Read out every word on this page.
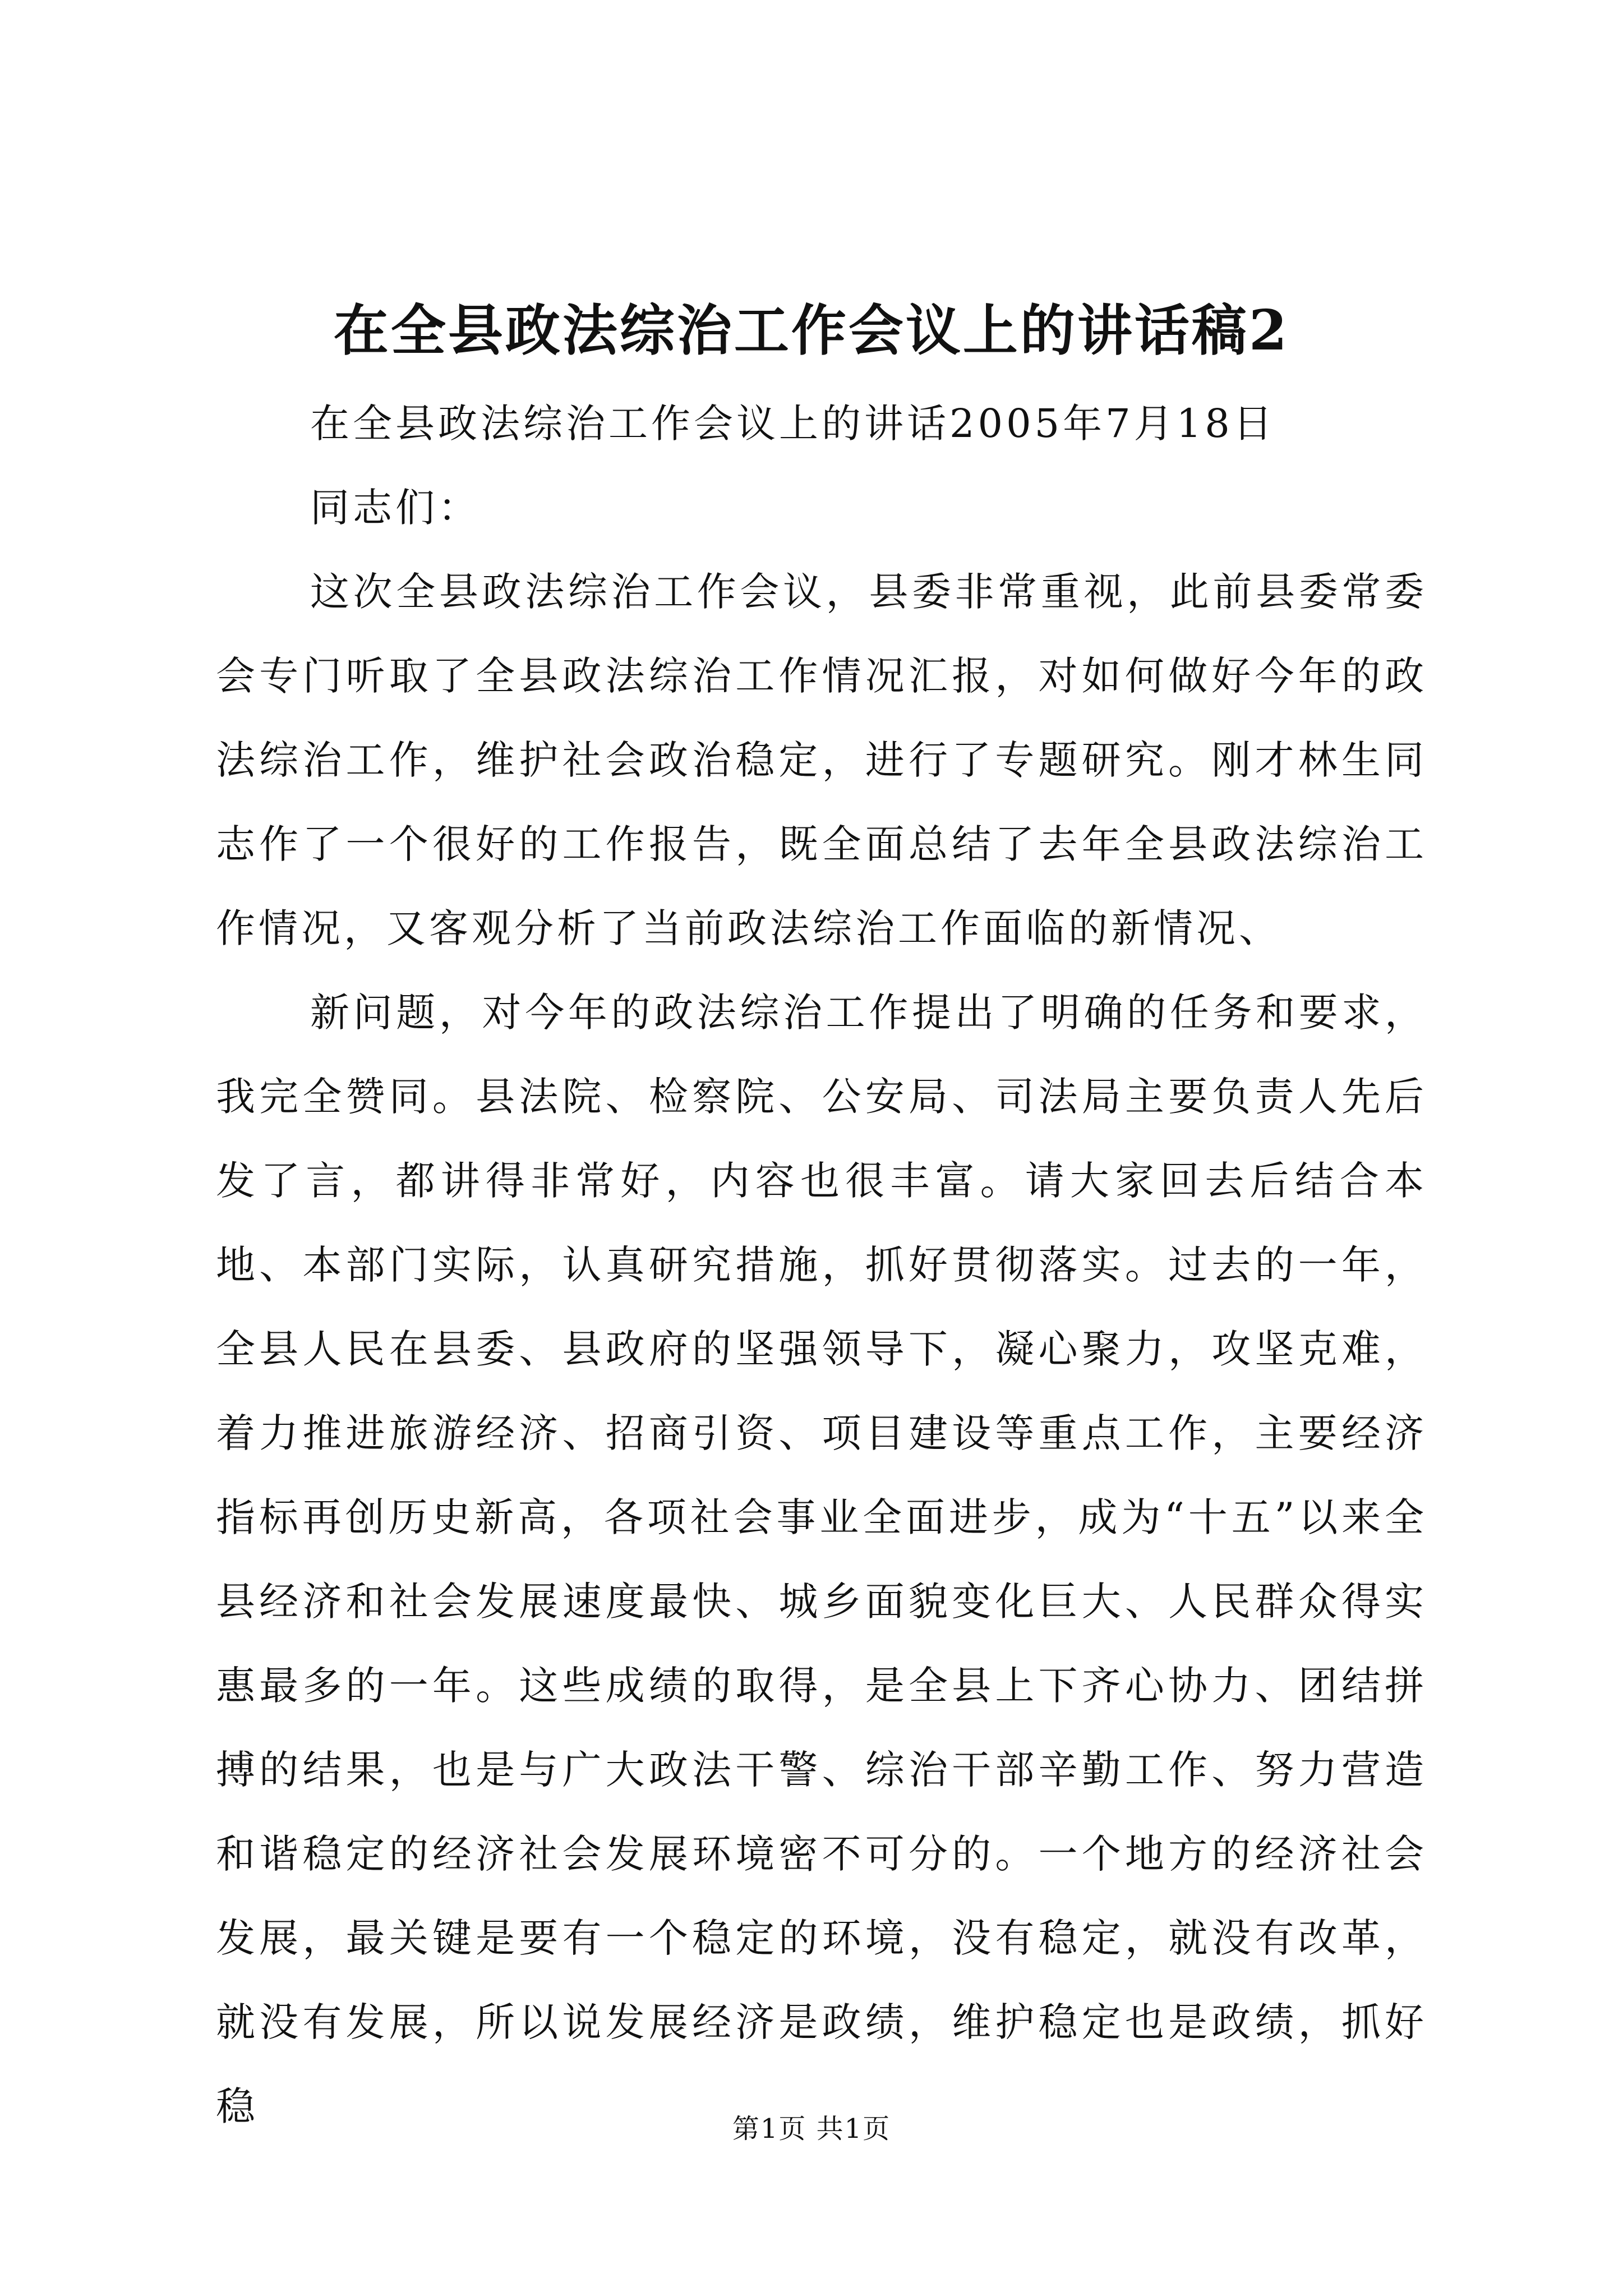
在全县政法综治工作会议上的讲话稿2

在全县政法综治工作会议上的讲话2005年7月18日

同志们：

这次全县政法综治工作会议，县委非常重视，此前县委常委会专门听取了全县政法综治工作情况汇报，对如何做好今年的政法综治工作，维护社会政治稳定，进行了专题研究。刚才林生同志作了一个很好的工作报告，既全面总结了去年全县政法综治工作情况，又客观分析了当前政法综治工作面临的新情况、

新问题，对今年的政法综治工作提出了明确的任务和要求，我完全赞同。县法院、检察院、公安局、司法局主要负责人先后发了言，都讲得非常好，内容也很丰富。请大家回去后结合本地、本部门实际，认真研究措施，抓好贯彻落实。过去的一年，全县人民在县委、县政府的坚强领导下，凝心聚力，攻坚克难，着力推进旅游经济、招商引资、项目建设等重点工作，主要经济指标再创历史新高，各项社会事业全面进步，成为“十五”以来全县经济和社会发展速度最快、城乡面貌变化巨大、人民群众得实惠最多的一年。这些成绩的取得，是全县上下齐心协力、团结拼搏的结果，也是与广大政法干警、综治干部辛勤工作、努力营造和谐稳定的经济社会发展环境密不可分的。一个地方的经济社会发展，最关键是要有一个稳定的环境，没有稳定，就没有改革，就没有发展，所以说发展经济是政绩，维护稳定也是政绩，抓好稳	第1页 共1页
